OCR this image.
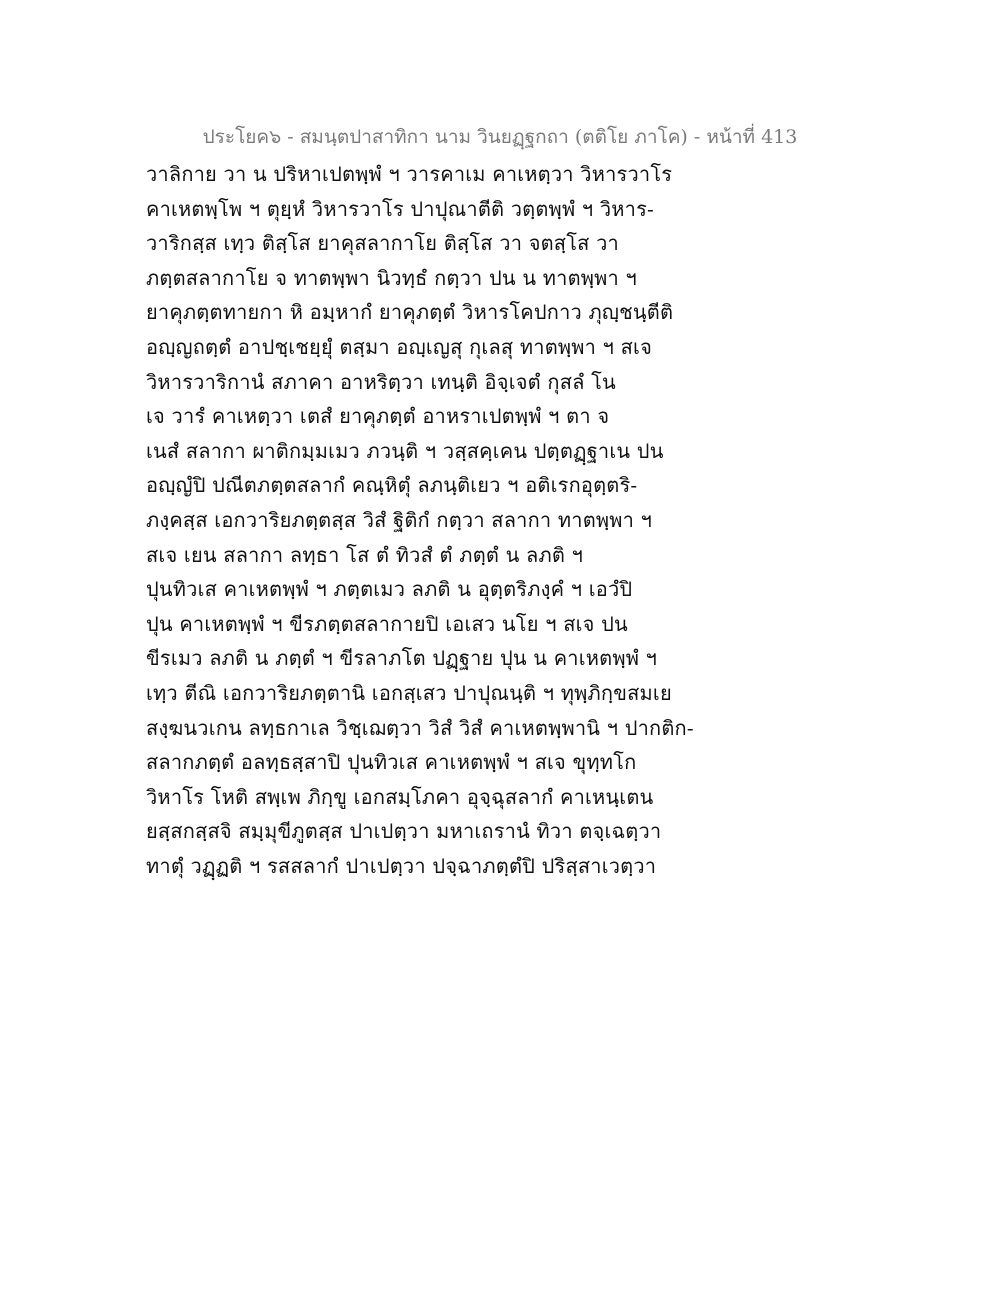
ประโยค๖ - สมนฺตปาสาทิกา นาม วินยฏฺฐกถา (ตติโย ภาโค) - หน้าที่ 413
วาลิกาย วา น ปริหาเปตพฺพํ ฯ วารคาเม คาเหตฺวา วิหารวาโร
คาเหตพฺโพ ฯ ตุยฺหํ วิหารวาโร ปาปุณาตีติ วตฺตพฺพํ ฯ วิหาร-
วาริกสฺส เทฺว ติสฺโส ยาคุสลากาโย ติสฺโส วา จตสฺโส วา
ภตฺตสลากาโย จ ทาตพฺพา นิวทฺธํ กตฺวา ปน น ทาตพฺพา ฯ
ยาคุภตฺตทายกา หิ อมฺหากํ ยาคุภตฺตํ วิหารโคปกาว ภุญฺชนฺตีติ
อญฺญถตฺตํ อาปชฺเชยฺยุํ ตสฺมา อญฺเญสุ กุเลสุ ทาตพฺพา ฯ สเจ
วิหารวาริกานํ สภาคา อาหริตฺวา เทนฺติ อิจฺเจตํ กุสลํ โน
เจ วารํ คาเหตฺวา เตสํ ยาคุภตฺตํ อาหราเปตพฺพํ ฯ ตา จ
เนสํ สลากา ผาติกมฺมเมว ภวนฺติ ฯ วสฺสคฺเคน ปตฺตฏฺฐาเน ปน
อญฺญํปิ ปณีตภตฺตสลากํ คณฺหิตุํ ลภนฺติเยว ฯ อติเรกอุตฺตริ-
ภงฺคสฺส เอกวาริยภตฺตสฺส วิสํ ฐิติกํ กตฺวา สลากา ทาตพฺพา ฯ
สเจ เยน สลากา ลทฺธา โส ตํ ทิวสํ ตํ ภตฺตํ น ลภติ ฯ
ปุนทิวเส คาเหตพฺพํ ฯ ภตฺตเมว ลภติ น อุตฺตริภงฺคํ ฯ เอวํปิ
ปุน คาเหตพฺพํ ฯ ขีรภตฺตสลากายปิ เอเสว นโย ฯ สเจ ปน
ขีรเมว ลภติ น ภตฺตํ ฯ ขีรลาภโต ปฏฺฐาย ปุน น คาเหตพฺพํ ฯ
เทฺว ตีณิ เอกวาริยภตฺตานิ เอกสฺเสว ปาปุณนฺติ ฯ ทุพฺภิกฺขสมเย
สงฺฆนวเกน ลทฺธกาเล วิชฺเฌตฺวา วิสํ วิสํ คาเหตพฺพานิ ฯ ปากติก-
สลากภตฺตํ อลทฺธสฺสาปิ ปุนทิวเส คาเหตพฺพํ ฯ สเจ ขุทฺทโก
วิหาโร โหติ สพฺเพ ภิกฺขู เอกสมฺโภคา อุจฺฉุสลากํ คาเหนฺเตน
ยสฺสกสฺสจิ สมฺมุขีภูตสฺส ปาเปตฺวา มหาเถรานํ ทิวา ตจฺเฉตฺวา
ทาตุํ วฏฺฏติ ฯ รสสลากํ ปาเปตฺวา ปจฺฉาภตฺตํปิ ปริสฺสาเวตฺวา
